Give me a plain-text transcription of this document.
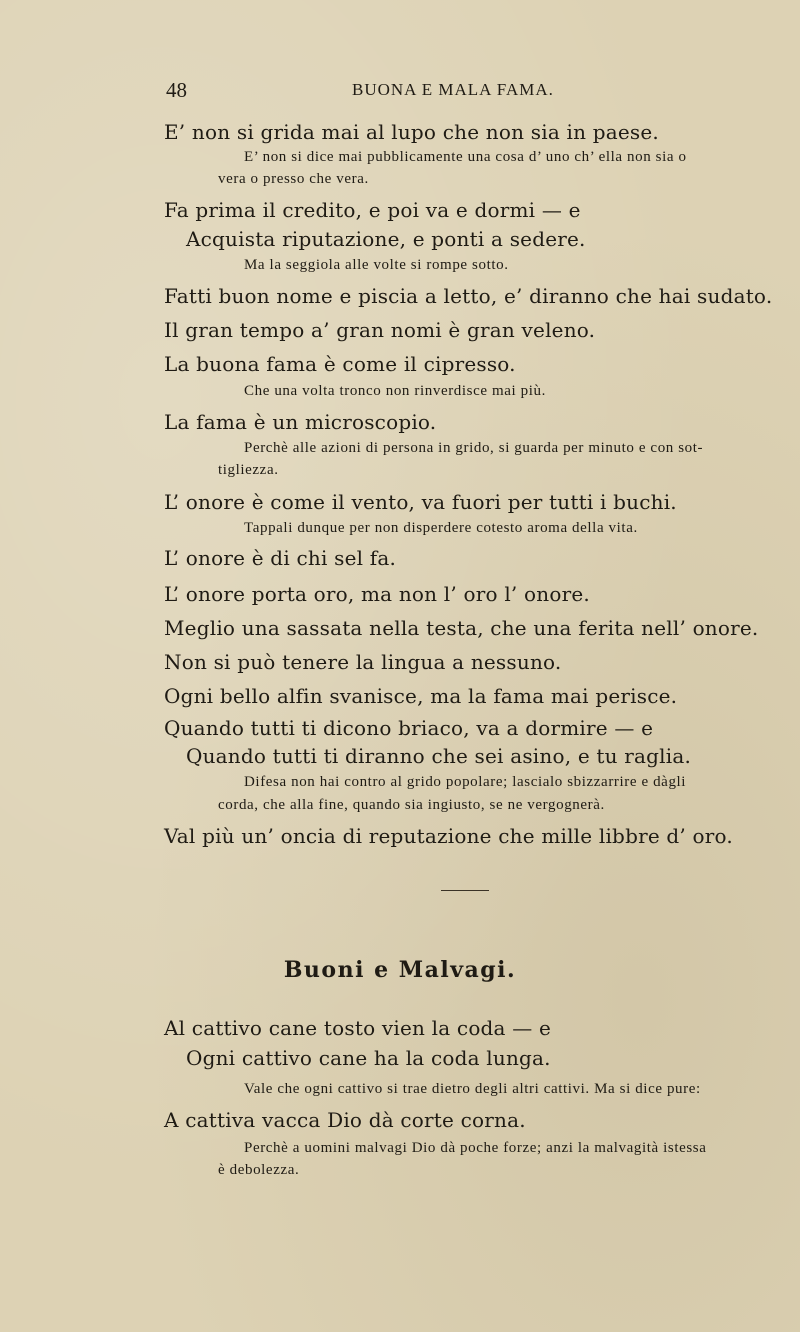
48	BUONA E MALA FAMA.
E’ non si grida mai al lupo che non sia in paese.
E’ non si dice mai pubblicamente una cosa d’ uno ch’ ella non sia o
vera o presso che vera.
Fa prima il credito, e poi va e dormi — e
Acquista riputazione, e ponti a sedere.
Ma la seggiola alle volte si rompe sotto.
Fatti buon nome e piscia a letto, e’ diranno che hai sudato.
Il gran tempo a’ gran nomi è gran veleno.
La buona fama è come il cipresso.
Che una volta tronco non rinverdisce mai più.
La fama è un microscopio.
Perchè alle azioni di persona in grido, si guarda per minuto e con sot-
tigliezza.
L’ onore è come il vento, va fuori per tutti i buchi.
Tappali dunque per non disperdere cotesto aroma della vita.
L’ onore è di chi sel fa.
L’ onore porta oro, ma non l’ oro l’ onore.
Meglio una sassata nella testa, che una ferita nell’ onore.
Non si può tenere la lingua a nessuno.
Ogni bello alfin svanisce, ma la fama mai perisce.
Quando tutti ti dicono briaco, va a dormire — e
Quando tutti ti diranno che sei asino, e tu raglia.
Difesa non hai contro al grido popolare; lascialo sbizzarrire e dàgli
corda, che alla fine, quando sia ingiusto, se ne vergognerà.
Val più un’ oncia di reputazione che mille libbre d’ oro.
Buoni e Malvagi.
Al cattivo cane tosto vien la coda — e
Ogni cattivo cane ha la coda lunga.
Vale che ogni cattivo si trae dietro degli altri cattivi. Ma si dice pure:
A cattiva vacca Dio dà corte corna.
Perchè a uomini malvagi Dio dà poche forze; anzi la malvagità istessa
è debolezza.
